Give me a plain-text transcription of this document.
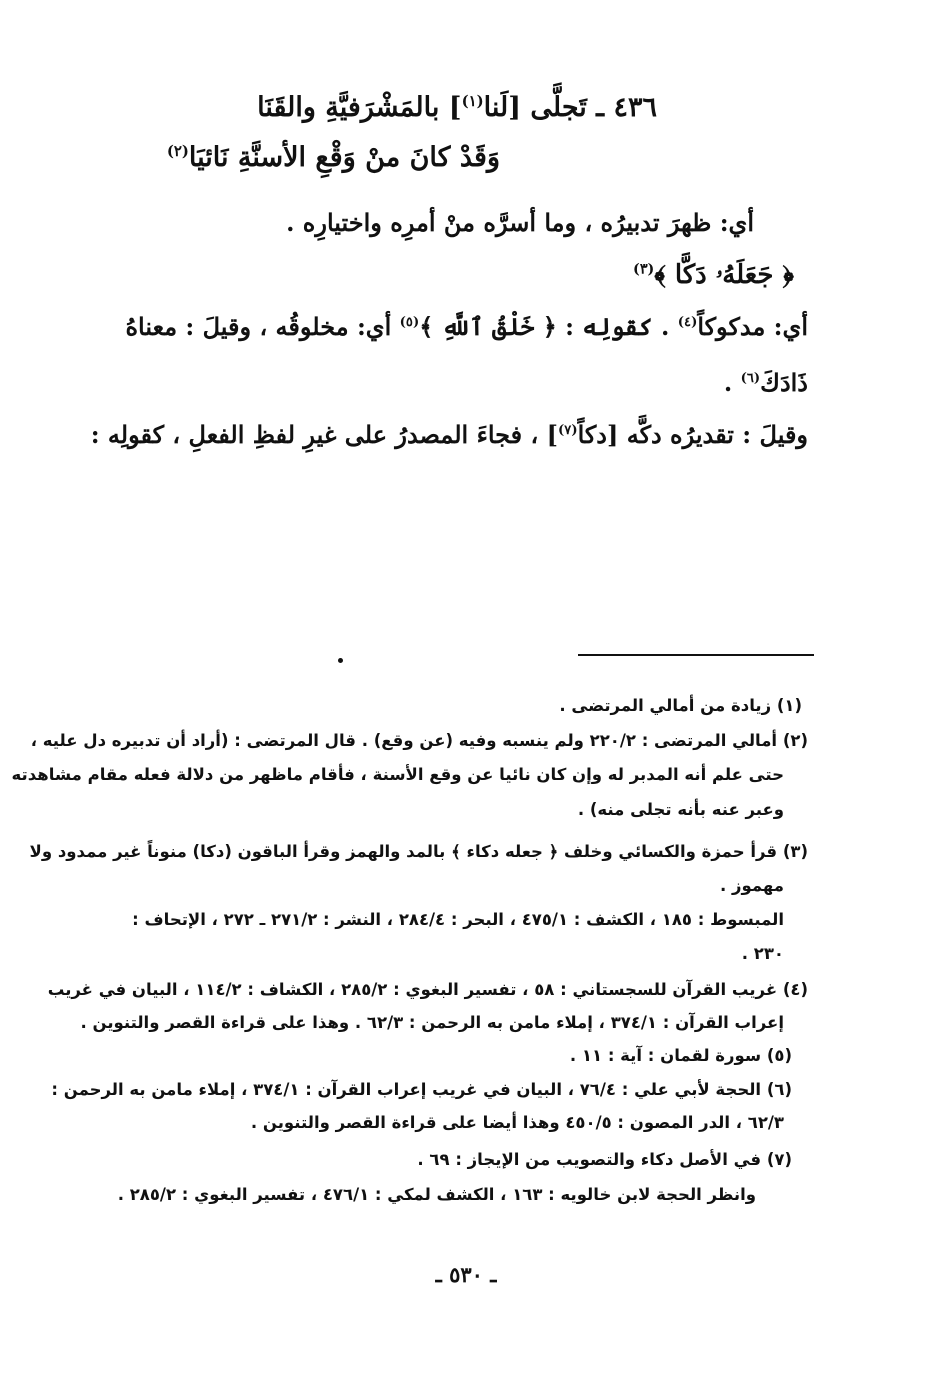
٤٣٦ ـ تَجلَّى [لَنا$^{(١)}$] بالمَشْرَفيَّةِ والقَنَا
وَقَدْ كانَ منْ وَقْعِ الأسنَّةِ نَائيَا$^{(٢)}$
أي: ظهرَ تدبيرُه ، وما أسرَّه منْ أمرِه واختيارِه .
﴿ جَعَلَهُۥ دَكَّا ﴾$^{(٣)}$
أي: مدكوكاً$^{(٤)}$ . كقولِه : ﴿ خَلْقُ ٱللَّهِ ﴾$^{(٥)}$ أي: مخلوقُه ، وقيلَ : معناهُ
ذَادَكَ$^{(٦)}$ .
وقيلَ : تقديرُه دكَّه [دكاً$^{(٧)}$] ، فجاءَ المصدرُ على غيرِ لفظِ الفعلِ ، كقولِه :
(١) زيادة من أمالي المرتضى .
(٢) أمالي المرتضى : ٢٢٠/٢ ولم ينسبه وفيه (عن وقع) . قال المرتضى : (أراد أن تدبيره دل عليه ،
حتى علم أنه المدبر له وإن كان نائيا عن وقع الأسنة ، فأقام ماظهر من دلالة فعله مقام مشاهدته
وعبر عنه بأنه تجلى منه) .
(٣) قرأ حمزة والكسائي وخلف ﴿ جعله دكاء ﴾ بالمد والهمز وقرأ الباقون (دكا) منوناً غير ممدود ولا
مهموز .
المبسوط : ١٨٥ ، الكشف : ٤٧٥/١ ، البحر : ٢٨٤/٤ ، النشر : ٢٧١/٢ ـ ٢٧٢ ، الإتحاف :
٢٣٠ .
(٤) غريب القرآن للسجستاني : ٥٨ ، تفسير البغوي : ٢٨٥/٢ ، الكشاف : ١١٤/٢ ، البيان في غريب
إعراب القرآن : ٣٧٤/١ ، إملاء مامن به الرحمن : ٦٢/٣ . وهذا على قراءة القصر والتنوين .
(٥) سورة لقمان : آية : ١١ .
(٦) الحجة لأبي علي : ٧٦/٤ ، البيان في غريب إعراب القرآن : ٣٧٤/١ ، إملاء مامن به الرحمن :
٦٢/٣ ، الدر المصون : ٤٥٠/٥ وهذا أيضا على قراءة القصر والتنوين .
(٧) في الأصل دكاء والتصويب من الإيجاز : ٦٩ .
وانظر الحجة لابن خالويه : ١٦٣ ، الكشف لمكي : ٤٧٦/١ ، تفسير البغوي : ٢٨٥/٢ .
ـ ٥٣٠ ـ
